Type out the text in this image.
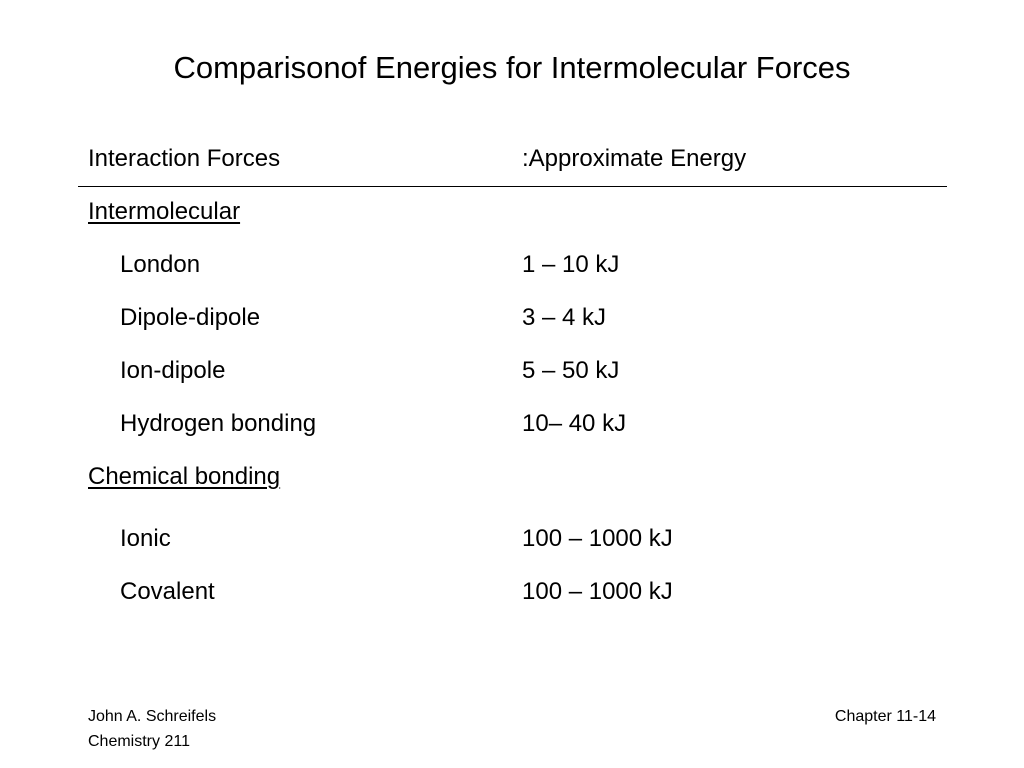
Comparisonof Energies for Intermolecular Forces
Interaction Forces	:Approximate Energy
Intermolecular
London	1 – 10 kJ
Dipole-dipole	3 – 4 kJ
Ion-dipole	5 – 50 kJ
Hydrogen bonding	10– 40 kJ
Chemical bonding
Ionic	100 – 1000 kJ
Covalent	100 – 1000 kJ
John A. Schreifels
Chemistry 211
Chapter 11-14
